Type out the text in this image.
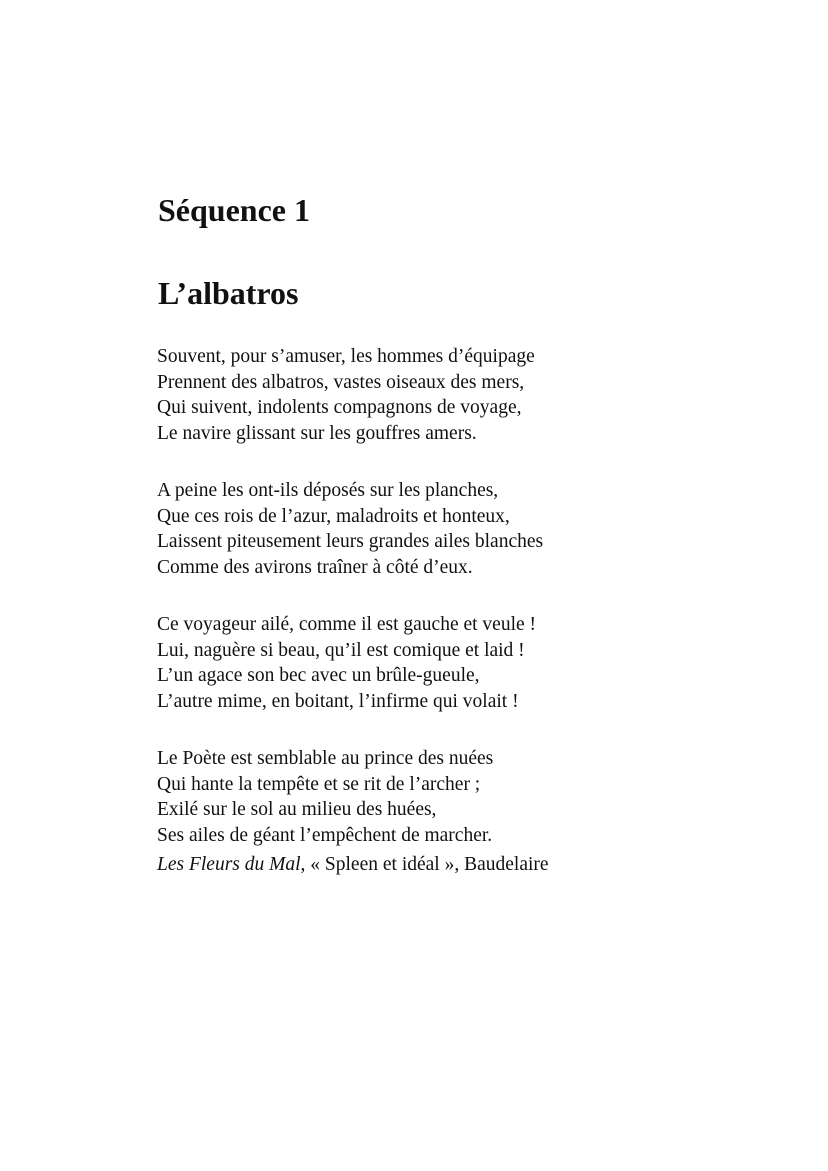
Séquence 1
L’albatros

Souvent, pour s’amuser, les hommes d’équipage
Prennent des albatros, vastes oiseaux des mers,
Qui suivent, indolents compagnons de voyage,
Le navire glissant sur les gouffres amers.

A peine les ont-ils déposés sur les planches,
Que ces rois de l’azur, maladroits et honteux,
Laissent piteusement leurs grandes ailes blanches
Comme des avirons traîner à côté d’eux.

Ce voyageur ailé, comme il est gauche et veule !
Lui, naguère si beau, qu’il est comique et laid !
L’un agace son bec avec un brûle-gueule,
L’autre mime, en boitant, l’infirme qui volait !

Le Poète est semblable au prince des nuées
Qui hante la tempête et se rit de l’archer ;
Exilé sur le sol au milieu des huées,
Ses ailes de géant l’empêchent de marcher.

Les Fleurs du Mal, « Spleen et idéal », Baudelaire
